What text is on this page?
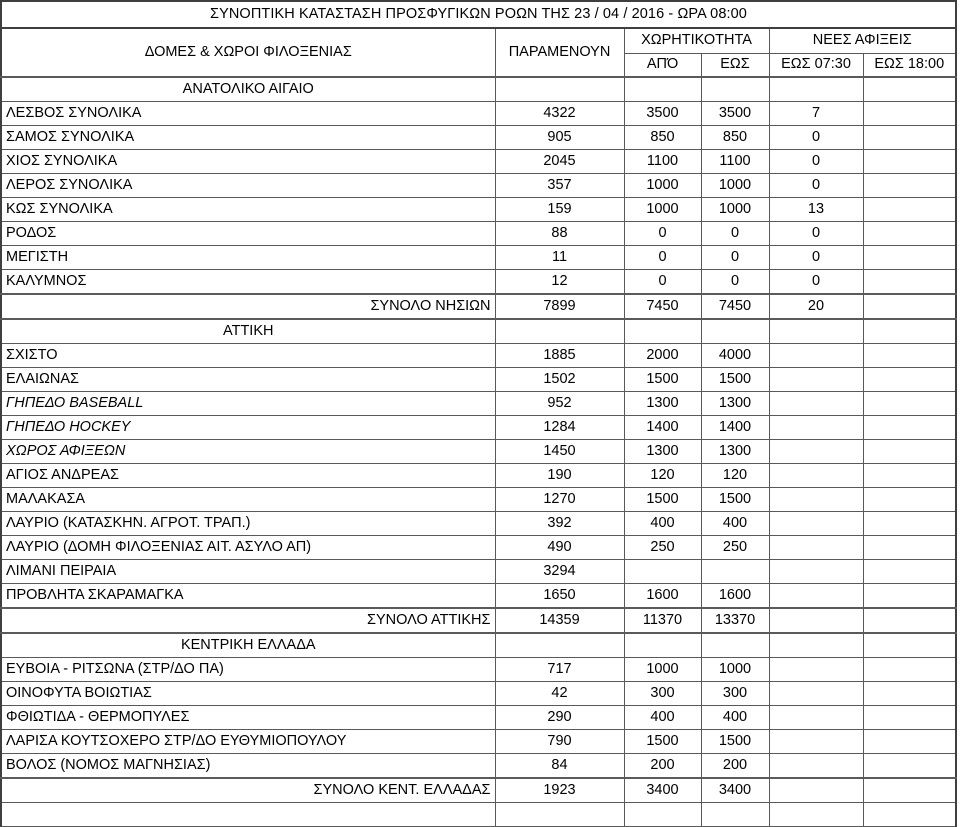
ΣΥΝΟΠΤΙΚΗ ΚΑΤΑΣΤΑΣΗ ΠΡΟΣΦΥΓΙΚΩΝ ΡΟΩΝ ΤΗΣ 23 / 04 / 2016 - ΩΡΑ 08:00					
ΔΟΜΕΣ & ΧΩΡΟΙ ΦΙΛΟΞΕΝΙΑΣ	ΠΑΡΑΜΕΝΟΥΝ	ΧΩΡΗΤΙΚΟΤΗΤΑ		ΝΕΕΣ ΑΦΙΞΕΙΣ	
		ΑΠΌ	ΕΩΣ	ΕΩΣ 07:30	ΕΩΣ 18:00
ΑΝΑΤΟΛΙΚΟ ΑΙΓΑΙΟ					
ΛΕΣΒΟΣ ΣΥΝΟΛΙΚΑ	4322	3500	3500	7	
ΣΑΜΟΣ ΣΥΝΟΛΙΚΑ	905	850	850	0	
ΧΙΟΣ ΣΥΝΟΛΙΚΑ	2045	1100	1100	0	
ΛΕΡΟΣ ΣΥΝΟΛΙΚΑ	357	1000	1000	0	
ΚΩΣ ΣΥΝΟΛΙΚΑ	159	1000	1000	13	
ΡΟΔΟΣ	88	0	0	0	
ΜΕΓΙΣΤΗ	11	0	0	0	
ΚΑΛΥΜΝΟΣ	12	0	0	0	
ΣΥΝΟΛΟ ΝΗΣΙΩΝ	7899	7450	7450	20	
ΑΤΤΙΚΗ					
ΣΧΙΣΤΟ	1885	2000	4000		
ΕΛΑΙΩΝΑΣ	1502	1500	1500		
ΓΗΠΕΔΟ BASEBALL	952	1300	1300		
ΓΗΠΕΔΟ HOCKEY	1284	1400	1400		
ΧΩΡΟΣ ΑΦΙΞΕΩΝ	1450	1300	1300		
ΑΓΙΟΣ ΑΝΔΡΕΑΣ	190	120	120		
ΜΑΛΑΚΑΣΑ	1270	1500	1500		
ΛΑΥΡΙΟ (ΚΑΤΑΣΚΗΝ. ΑΓΡΟΤ. ΤΡΑΠ.)	392	400	400		
ΛΑΥΡΙΟ (ΔΟΜΗ ΦΙΛΟΞΕΝΙΑΣ ΑΙΤ. ΑΣΥΛΟ ΑΠ)	490	250	250		
ΛΙΜΑΝΙ ΠΕΙΡΑΙΑ	3294				
ΠΡΟΒΛΗΤΑ ΣΚΑΡΑΜΑΓΚΑ	1650	1600	1600		
ΣΥΝΟΛΟ ΑΤΤΙΚΗΣ	14359	11370	13370		
ΚΕΝΤΡΙΚΗ ΕΛΛΑΔΑ					
ΕΥΒΟΙΑ - ΡΙΤΣΩΝΑ (ΣΤΡ/ΔΟ ΠΑ)	717	1000	1000		
ΟΙΝΟΦΥΤΑ ΒΟΙΩΤΙΑΣ	42	300	300		
ΦΘΙΩΤΙΔΑ - ΘΕΡΜΟΠΥΛΕΣ	290	400	400		
ΛΑΡΙΣΑ ΚΟΥΤΣΟΧΕΡΟ ΣΤΡ/ΔΟ ΕΥΘΥΜΙΟΠΟΥΛΟΥ	790	1500	1500		
ΒΟΛΟΣ (ΝΟΜΟΣ ΜΑΓΝΗΣΙΑΣ)	84	200	200		
ΣΥΝΟΛΟ ΚΕΝΤ. ΕΛΛΑΔΑΣ	1923	3400	3400		
